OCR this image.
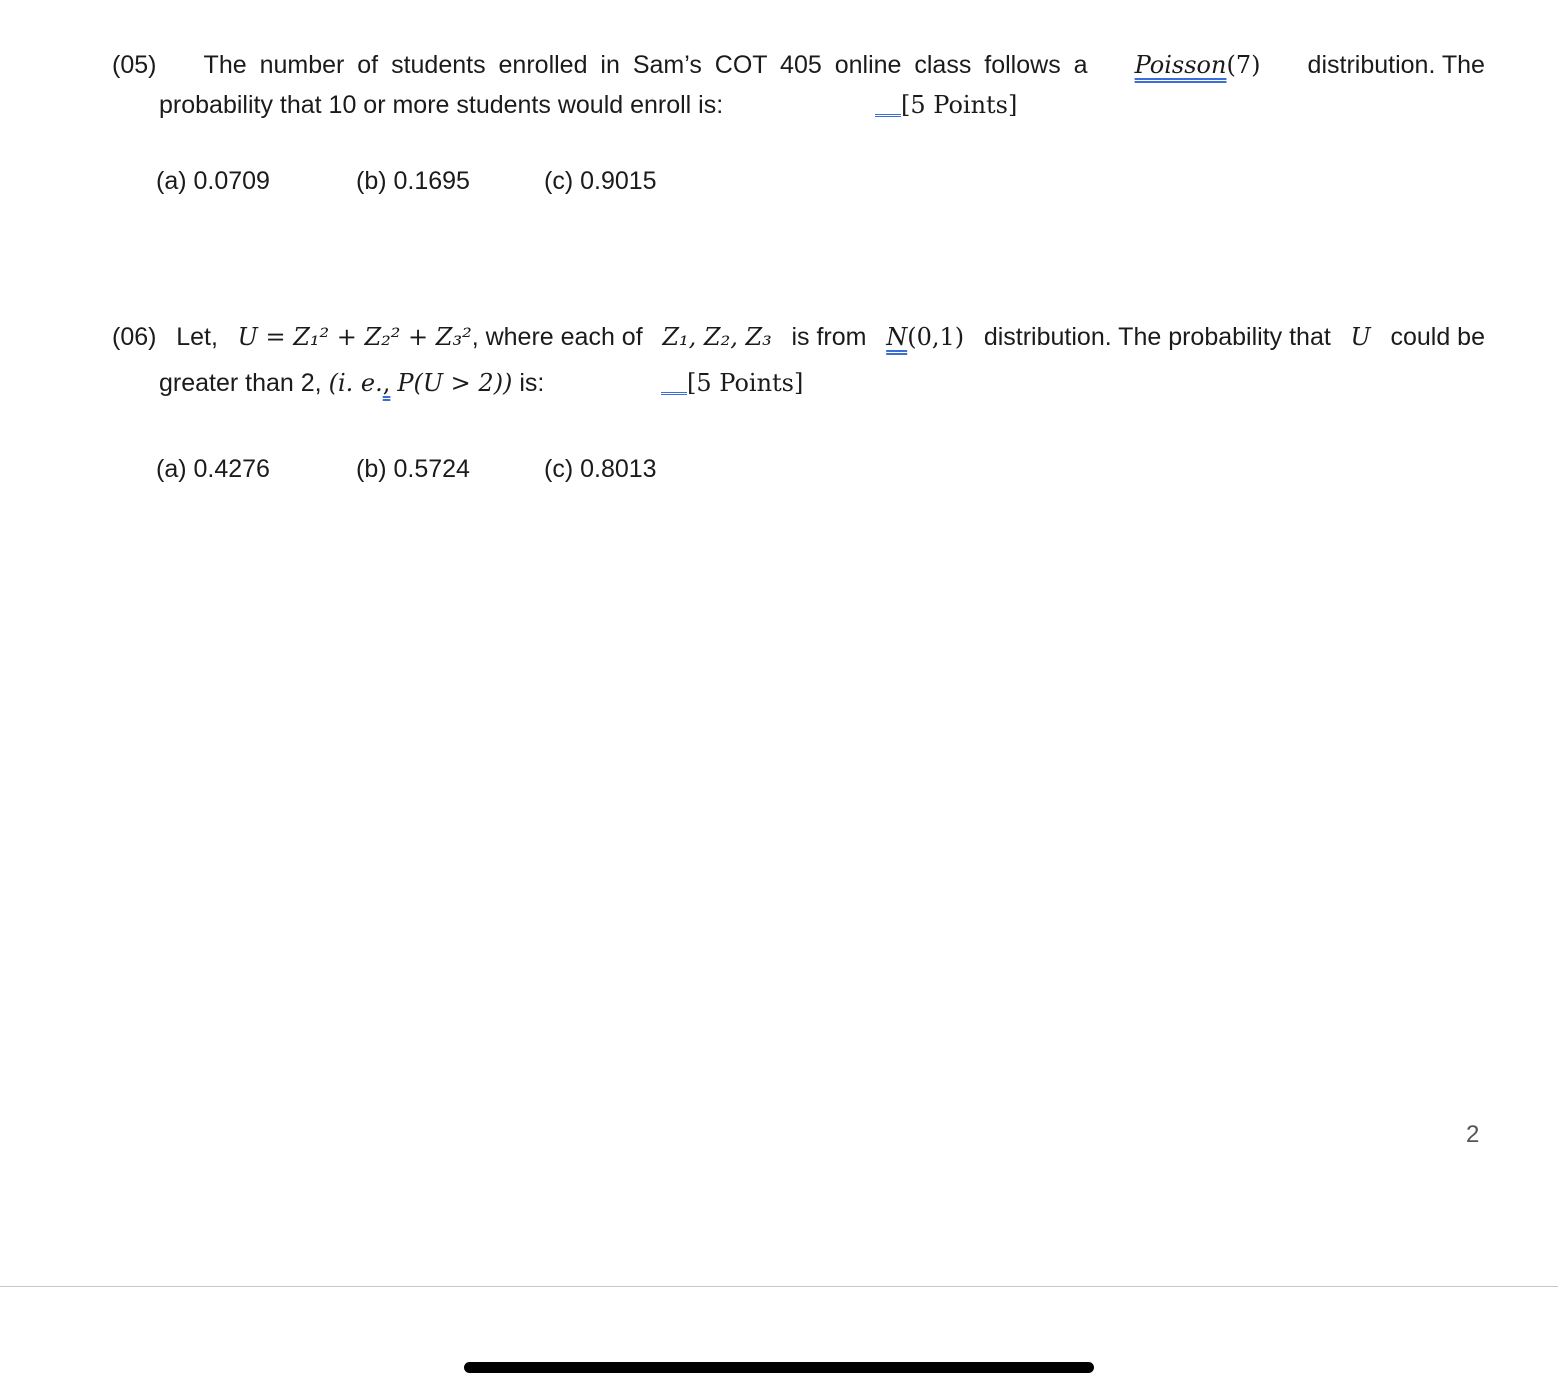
(05) The number of students enrolled in Sam’s COT 405 online class follows a Poisson(7) distribution. The
probability that 10 or more students would enroll is:	[5 Points]
(a) 0.0709	(b) 0.1695	(c) 0.9015
(06) Let, U = Z₁² + Z₂² + Z₃², where each of Z₁, Z₂, Z₃ is from N(0,1) distribution. The probability that U could be
greater than 2, (i. e., P(U > 2)) is:	[5 Points]
(a) 0.4276	(b) 0.5724	(c) 0.8013
2
